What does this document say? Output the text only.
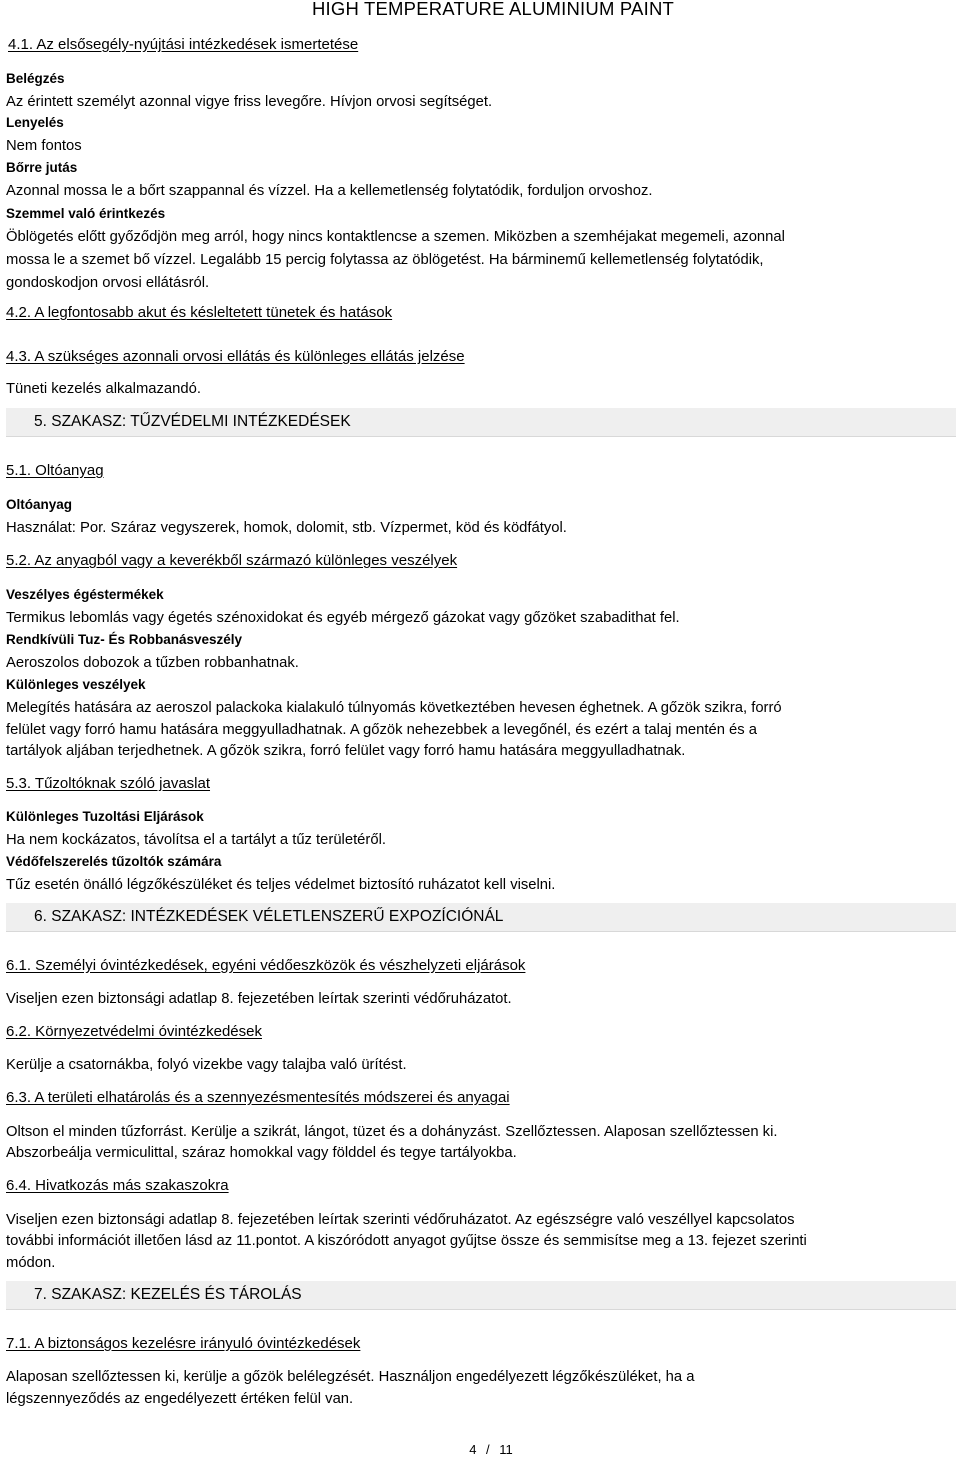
HIGH TEMPERATURE ALUMINIUM PAINT
4.1. Az elsősegély-nyújtási intézkedések ismertetése
Belégzés
Az érintett személyt azonnal vigye friss levegőre. Hívjon orvosi segítséget.
Lenyelés
Nem fontos
Bőrre jutás
Azonnal mossa le a bőrt szappannal és vízzel. Ha a kellemetlenség folytatódik, forduljon orvoshoz.
Szemmel való érintkezés
Öblögetés előtt győződjön meg arról, hogy nincs kontaktlencse a szemen. Miközben a szemhéjakat megemeli, azonnal
mossa le a szemet bő vízzel. Legalább 15 percig folytassa az öblögetést. Ha bárminemű kellemetlenség folytatódik,
gondoskodjon orvosi ellátásról.
4.2. A legfontosabb akut és késleltetett tünetek és hatások
4.3. A szükséges azonnali orvosi ellátás és különleges ellátás jelzése
Tüneti kezelés alkalmazandó.
5. SZAKASZ: TŰZVÉDELMI INTÉZKEDÉSEK
5.1. Oltóanyag
Oltóanyag
Használat: Por. Száraz vegyszerek, homok, dolomit, stb. Vízpermet, köd és ködfátyol.
5.2. Az anyagból vagy a keverékből származó különleges veszélyek
Veszélyes égéstermékek
Termikus lebomlás vagy égetés szénoxidokat és egyéb mérgező gázokat vagy gőzöket szabadithat fel.
Rendkívüli Tuz- És Robbanásveszély
Aeroszolos dobozok a tűzben robbanhatnak.
Különleges veszélyek
Melegítés hatására az aeroszol palackoka kialakuló túlnyomás következtében hevesen éghetnek. A gőzök szikra, forró
felület vagy forró hamu hatására meggyulladhatnak. A gőzök nehezebbek a levegőnél, és ezért a talaj mentén és a
tartályok aljában terjedhetnek. A gőzök szikra, forró felület vagy forró hamu hatására meggyulladhatnak.
5.3. Tűzoltóknak szóló javaslat
Különleges Tuzoltási Eljárások
Ha nem kockázatos, távolítsa el a tartályt a tűz területéről.
Védőfelszerelés tűzoltók számára
Tűz esetén önálló légzőkészüléket és teljes védelmet biztosító ruházatot kell viselni.
6. SZAKASZ: INTÉZKEDÉSEK VÉLETLENSZERŰ EXPOZÍCIÓNÁL
6.1. Személyi óvintézkedések, egyéni védőeszközök és vészhelyzeti eljárások
Viseljen ezen biztonsági adatlap 8. fejezetében leírtak szerinti védőruházatot.
6.2. Környezetvédelmi óvintézkedések
Kerülje a csatornákba, folyó vizekbe vagy talajba való ürítést.
6.3. A területi elhatárolás és a szennyezésmentesítés módszerei és anyagai
Oltson el minden tűzforrást. Kerülje a szikrát, lángot, tüzet és a dohányzást. Szellőztessen. Alaposan szellőztessen ki.
Abszorbeálja vermiculittal, száraz homokkal vagy földdel és tegye tartályokba.
6.4. Hivatkozás más szakaszokra
Viseljen ezen biztonsági adatlap 8. fejezetében leírtak szerinti védőruházatot. Az egészségre való veszéllyel kapcsolatos
további információt illetően lásd az 11.pontot. A kiszóródott anyagot gyűjtse össze és semmisítse meg a 13. fejezet szerinti
módon.
7. SZAKASZ: KEZELÉS ÉS TÁROLÁS
7.1. A biztonságos kezelésre irányuló óvintézkedések
Alaposan szellőztessen ki, kerülje a gőzök belélegzését. Használjon engedélyezett légzőkészüléket, ha a
légszennyeződés az engedélyezett értéken felül van.
4 / 11
